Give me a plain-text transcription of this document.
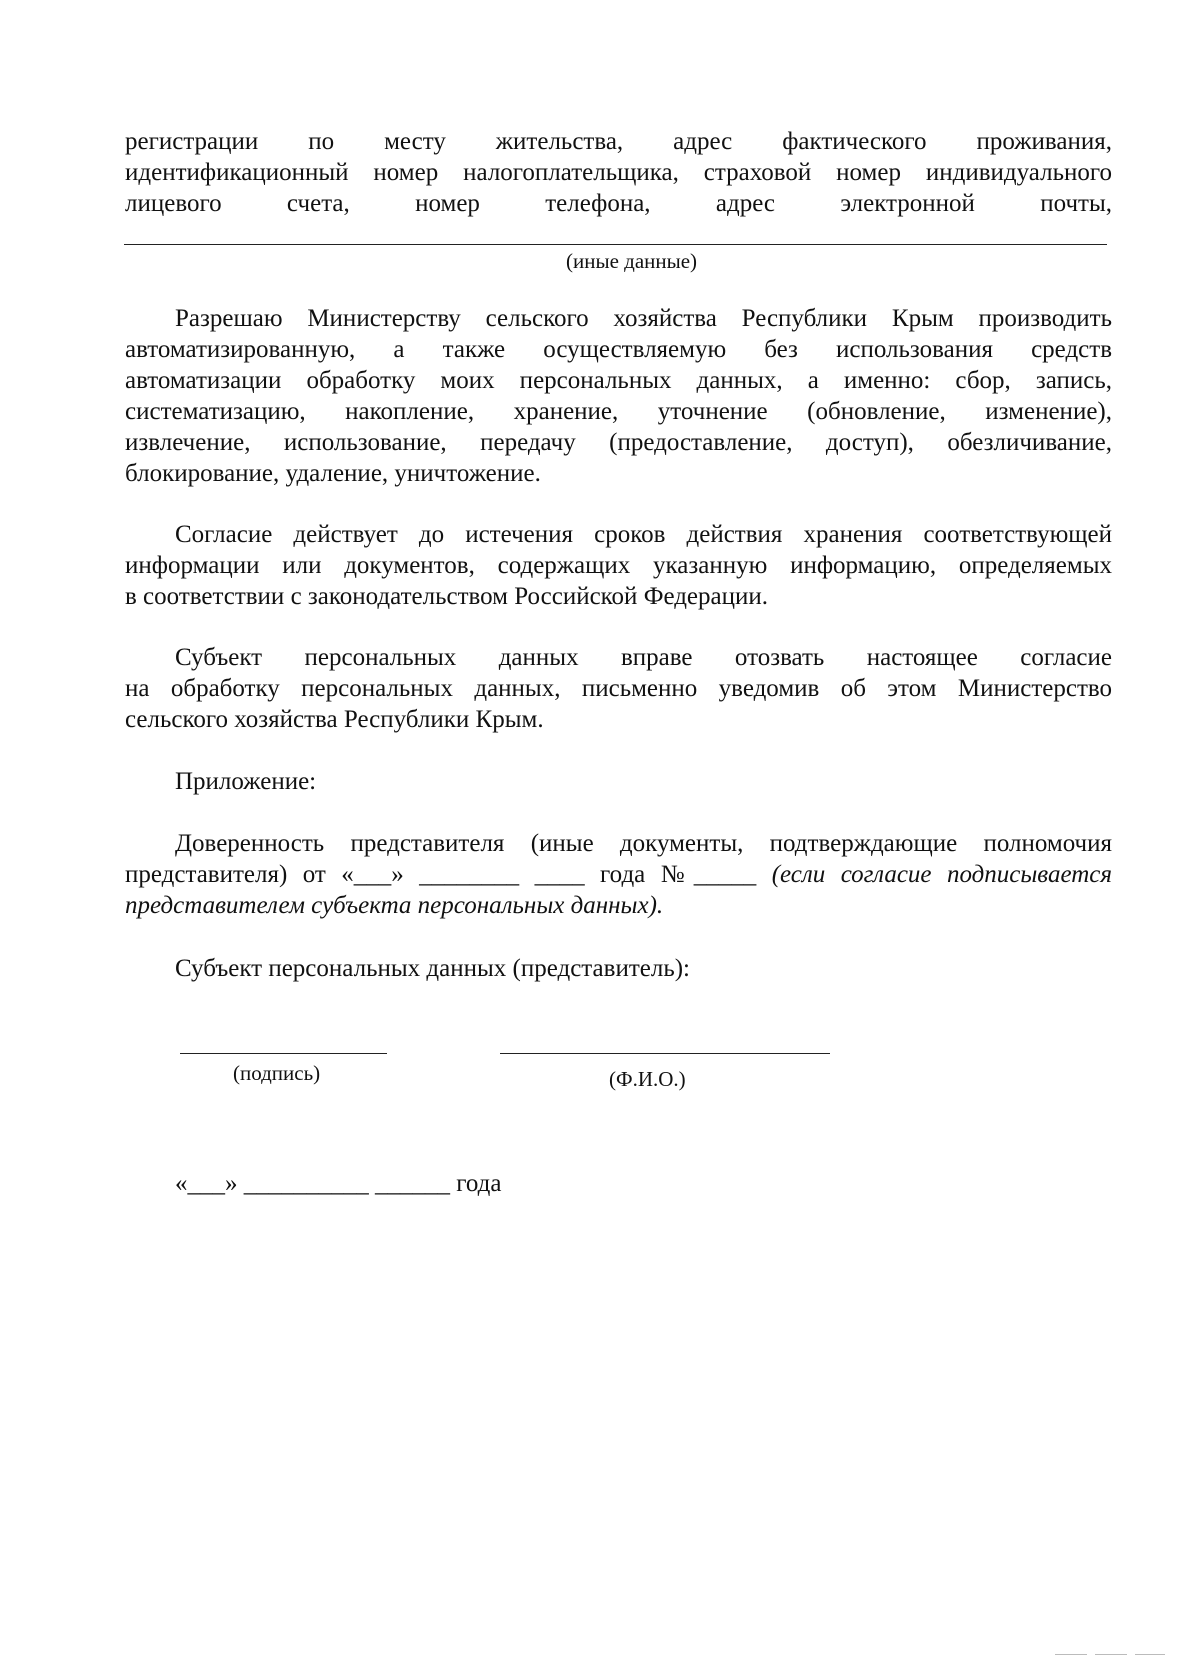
регистрации по месту жительства, адрес фактического проживания,
идентификационный номер налогоплательщика, страховой номер индивидуального
лицевого счета, номер телефона, адрес электронной почты,
(иные данные)
Разрешаю Министерству сельского хозяйства Республики Крым производить
автоматизированную, а также осуществляемую без использования средств
автоматизации обработку моих персональных данных, а именно: сбор, запись,
систематизацию, накопление, хранение, уточнение (обновление, изменение),
извлечение, использование, передачу (предоставление, доступ), обезличивание,
блокирование, удаление, уничтожение.
Согласие действует до истечения сроков действия хранения соответствующей
информации или документов, содержащих указанную информацию, определяемых
в соответствии с законодательством Российской Федерации.
Субъект персональных данных вправе отозвать настоящее согласие
на обработку персональных данных, письменно уведомив об этом Министерство
сельского хозяйства Республики Крым.
Приложение:
Доверенность представителя (иные документы, подтверждающие полномочия
представителя) от «___» ________ ____ года №_____ (если согласие подписывается
представителем субъекта персональных данных).
Субъект персональных данных (представитель):
(подпись)	(Ф.И.О.)
«___» __________ ______ года
